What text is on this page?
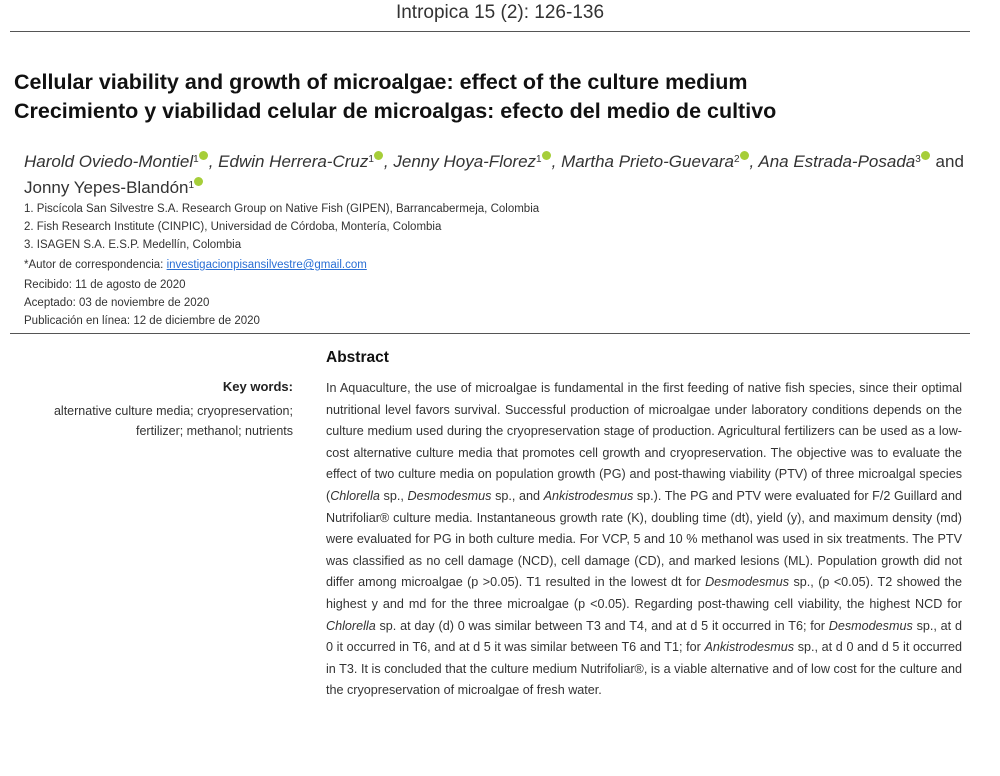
Intropica 15 (2): 126-136
Cellular viability and growth of microalgae: effect of the culture medium
Crecimiento y viabilidad celular de microalgas: efecto del medio de cultivo
Harold Oviedo-Montiel$^1$ , Edwin Herrera-Cruz$^1$ , Jenny Hoya-Florez$^1$ , Martha Prieto-Guevara$^2$ , Ana Estrada-Posada$^3$ and Jonny Yepes-Blandón$^1$
1. Piscícola San Silvestre S.A. Research Group on Native Fish (GIPEN), Barrancabermeja, Colombia
2. Fish Research Institute (CINPIC), Universidad de Córdoba, Montería, Colombia
3. ISAGEN S.A. E.S.P. Medellín, Colombia
*Autor de correspondencia: investigacionpisansilvestre@gmail.com
Recibido: 11 de agosto de 2020
Aceptado: 03 de noviembre de 2020
Publicación en línea: 12 de diciembre de 2020
Abstract
Key words:
alternative culture media; cryopreservation;
fertilizer; methanol; nutrients
In Aquaculture, the use of microalgae is fundamental in the first feeding of native fish species, since their optimal nutritional level favors survival. Successful production of microalgae under laboratory conditions depends on the culture medium used during the cryopreservation stage of production. Agricultural fertilizers can be used as a low-cost alternative culture media that promotes cell growth and cryopreservation. The objective was to evaluate the effect of two culture media on population growth (PG) and post-thawing viability (PTV) of three microalgal species (Chlorella sp., Desmodesmus sp., and Ankistrodesmus sp.). The PG and PTV were evaluated for F/2 Guillard and Nutrifoliar® culture media. Instantaneous growth rate (K), doubling time (dt), yield (y), and maximum density (md) were evaluated for PG in both culture media. For VCP, 5 and 10 % methanol was used in six treatments. The PTV was classified as no cell damage (NCD), cell damage (CD), and marked lesions (ML). Population growth did not differ among microalgae (p >0.05). T1 resulted in the lowest dt for Desmodesmus sp., (p <0.05). T2 showed the highest y and md for the three microalgae (p <0.05). Regarding post-thawing cell viability, the highest NCD for Chlorella sp. at day (d) 0 was similar between T3 and T4, and at d 5 it occurred in T6; for Desmodesmus sp., at d 0 it occurred in T6, and at d 5 it was similar between T6 and T1; for Ankistrodesmus sp., at d 0 and d 5 it occurred in T3. It is concluded that the culture medium Nutrifoliar®, is a viable alternative and of low cost for the culture and the cryopreservation of microalgae of fresh water.
